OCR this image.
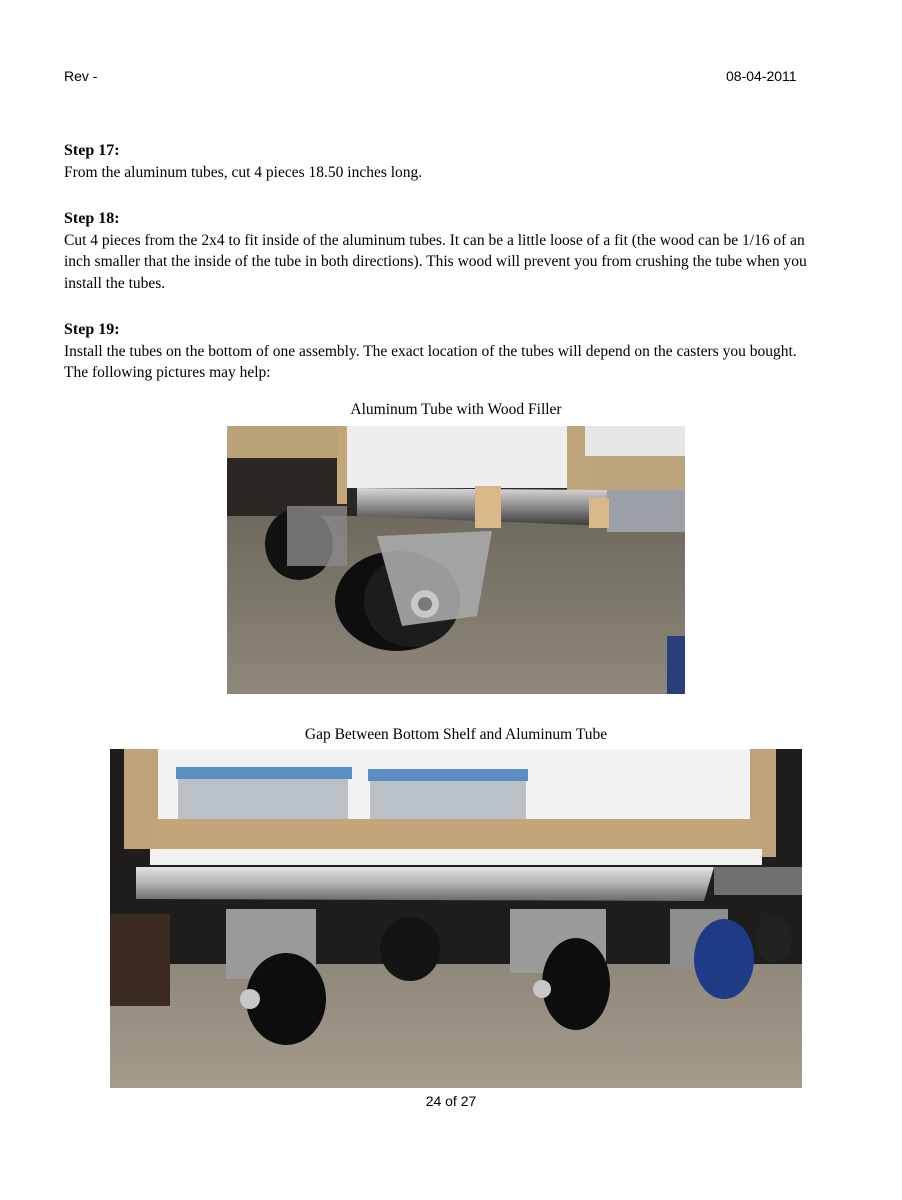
Rev -	08-04-2011

Step 17:

From the aluminum tubes, cut 4 pieces 18.50 inches long.

Step 18:

Cut 4 pieces from the 2x4 to fit inside of the aluminum tubes. It can be a little loose of a fit (the wood can be 1/16 of an

inch smaller that the inside of the tube in both directions). This wood will prevent you from crushing the tube when you

install the tubes.

Step 19:

Install the tubes on the bottom of one assembly. The exact location of the tubes will depend on the casters you bought.

The following pictures may help:

Aluminum Tube with Wood Filler
Gap Between Bottom Shelf and Aluminum Tube
24 of 27
